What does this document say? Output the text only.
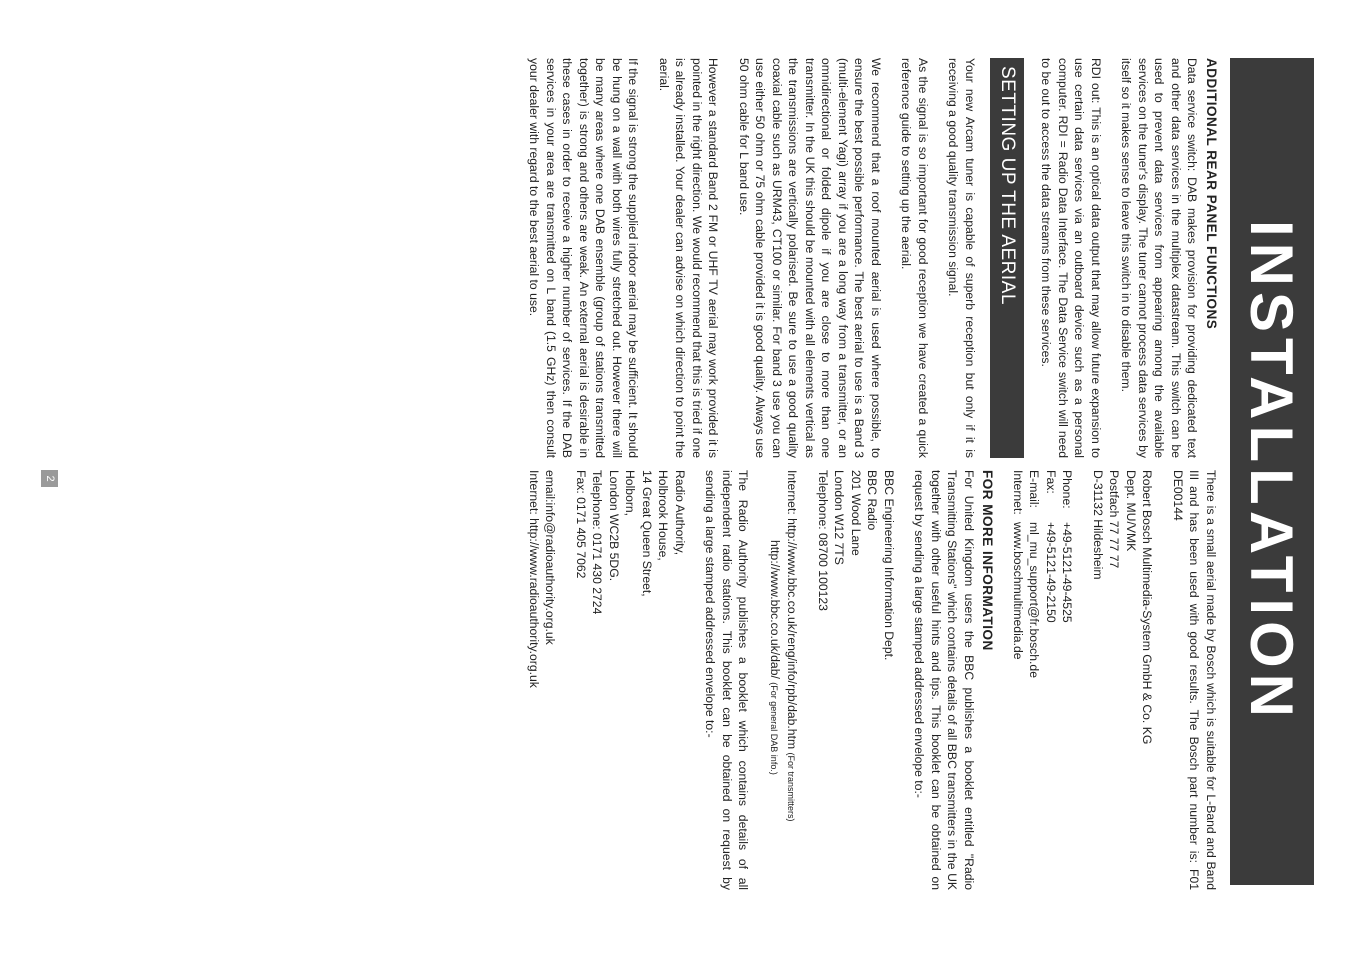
INSTALLATION
ADDITIONAL REAR PANEL FUNCTIONS

Data service switch: DAB makes provision for providing dedicated text and other data services in the multiplex datastream. This switch can be used to prevent data services from appearing among the available services on the tuner's display. The tuner cannot process data services by itself so it makes sense to leave this switch in to disable them.

RDI out: This is an optical data output that may allow future expansion to use certain data services via an outboard device such as a personal computer. RDI = Radio Data Interface. The Data Service switch will need to be out to access the data streams from these services.

SETTING UP THE AERIAL

Your new Arcam tuner is capable of superb reception but only if it is receiving a good quality transmission signal.

As the signal is so important for good reception we have created a quick reference guide to setting up the aerial.

We recommend that a roof mounted aerial is used where possible, to ensure the best possible performance. The best aerial to use is a Band 3 (multi-element Yagi) array if you are a long way from a transmitter, or an omnidirectional or folded dipole if you are close to more than one transmitter. In the UK this should be mounted with all elements vertical as the transmissions are vertically polarised. Be sure to use a good quality coaxial cable such as URM43, CT100 or similar. For band 3 use you can use either 50 ohm or 75 ohm cable provided it is good quality. Always use 50 ohm cable for L band use.

However a standard Band 2 FM or UHF TV aerial may work provided it is pointed in the right direction. We would recommend that this is tried if one is already installed. Your dealer can advise on which direction to point the aerial.

If the signal is strong the supplied indoor aerial may be sufficient. It should be hung on a wall with both wires fully stretched out. However there will be many areas where one DAB ensemble (group of stations transmitted together) is strong and others are weak. An external aerial is desirable in these cases in order to receive a higher number of services. If the DAB services in your area are transmitted on L band (1.5 GHz) then consult your dealer with regard to the best aerial to use.

There is a small aerial made by Bosch which is suitable for L-Band and Band III and has been used with good results. The Bosch part number is: F01 DE00144

Robert Bosch Multimedia-System GmbH & Co. KG

Dept. MU/VMK

Postfach 77 77 77

D-31132 Hildesheim

Phone:
+49-5121-49-4525
Fax:
+49-5121-49-2150
E-mail:
ml_mu_support@fr.bosch.de
Internet:
www.boschmultimedia.de
FOR MORE INFORMATION

For United Kingdom users the BBC publishes a booklet entitled "Radio Transmitting Stations" which contains details of all BBC transmitters in the UK together with other useful hints and tips. This booklet can be obtained on request by sending a large stamped addressed envelope to:-

BBC Engineering Information Dept.

BBC Radio

201 Wood Lane

London W12 7TS

Telephone: 08700 100123

Internet: http://www.bbc.co.uk/reng/info/rpb/dab.htm (For transmitters)

http://www.bbc.co.uk/dab/ (For general DAB info.)

The Radio Authority publishes a booklet which contains details of all independent radio stations. This booklet can be obtained on request by sending a large stamped addressed envelope to:-

Radio Authority,

Holbrook House,

14 Great Queen Street,

Holborn,

London WC2B 5DG.

Telephone: 0171 430 2724

Fax: 0171 405 7062

email:info@radioauthority.org.uk

Internet: http://www.radioauthority.org.uk

2
